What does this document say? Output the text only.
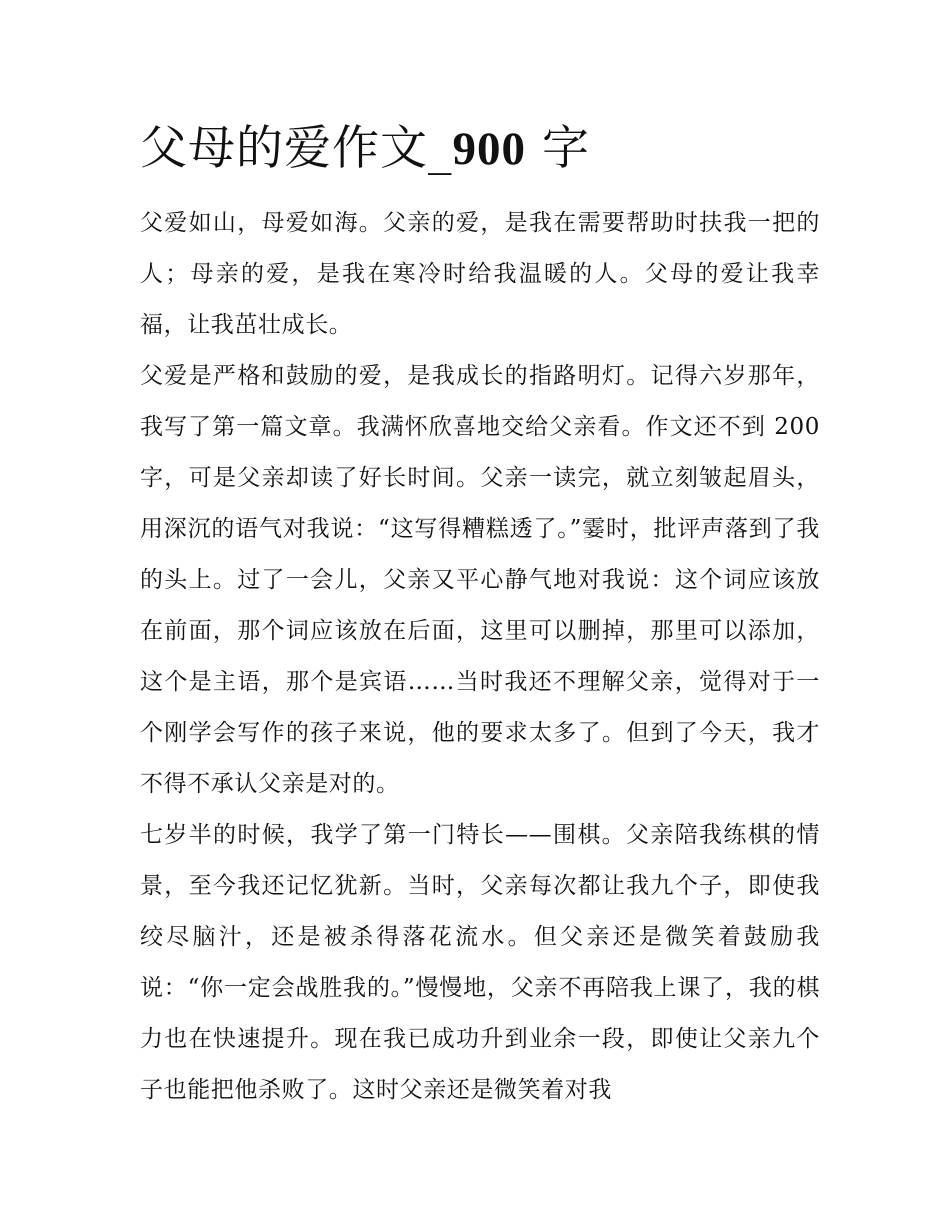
父母的爱作文_900 字

父爱如山，母爱如海。父亲的爱，是我在需要帮助时扶我一把的人；母亲的爱，是我在寒冷时给我温暖的人。父母的爱让我幸福，让我茁壮成长。

父爱是严格和鼓励的爱，是我成长的指路明灯。记得六岁那年，我写了第一篇文章。我满怀欣喜地交给父亲看。作文还不到 200 字，可是父亲却读了好长时间。父亲一读完，就立刻皱起眉头，用深沉的语气对我说：“这写得糟糕透了。”霎时，批评声落到了我的头上。过了一会儿，父亲又平心静气地对我说：这个词应该放在前面，那个词应该放在后面，这里可以删掉，那里可以添加，这个是主语，那个是宾语……当时我还不理解父亲，觉得对于一个刚学会写作的孩子来说，他的要求太多了。但到了今天，我才不得不承认父亲是对的。

七岁半的时候，我学了第一门特长——围棋。父亲陪我练棋的情景，至今我还记忆犹新。当时，父亲每次都让我九个子，即使我绞尽脑汁，还是被杀得落花流水。但父亲还是微笑着鼓励我说：“你一定会战胜我的。”慢慢地，父亲不再陪我上课了，我的棋力也在快速提升。现在我已成功升到业余一段，即使让父亲九个子也能把他杀败了。这时父亲还是微笑着对我
